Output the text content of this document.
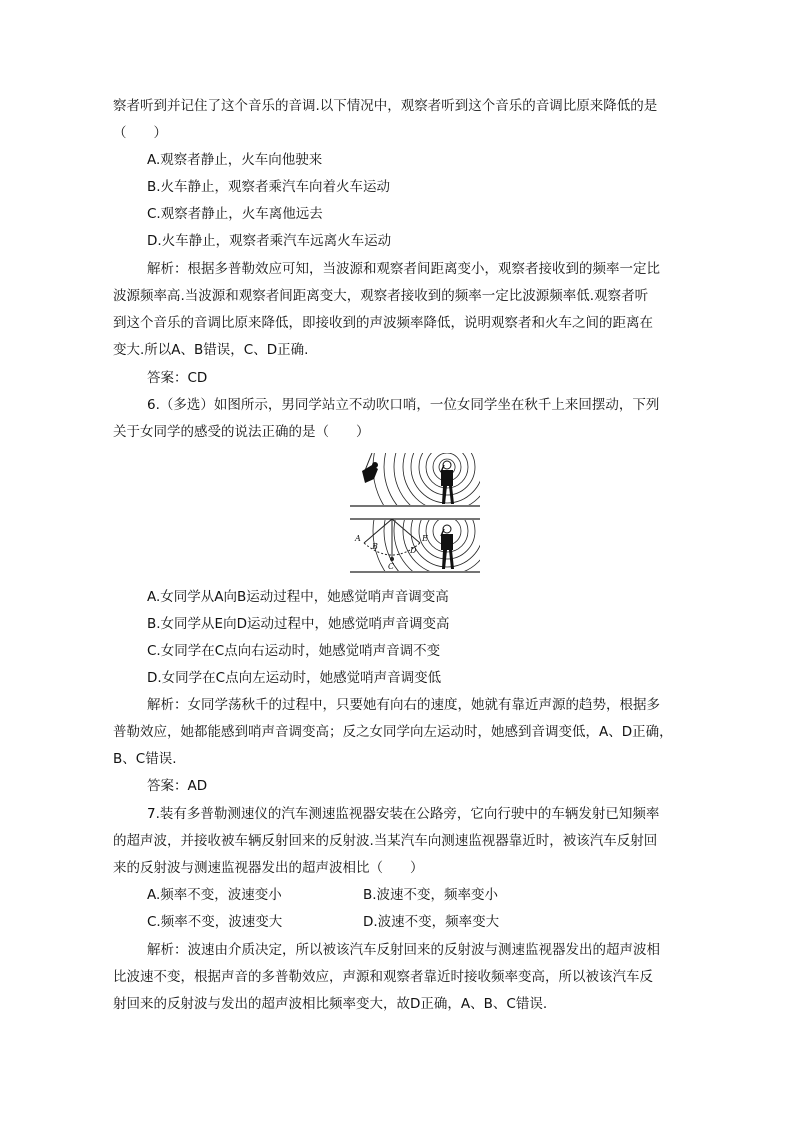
察者听到并记住了这个音乐的音调.以下情况中，观察者听到这个音乐的音调比原来降低的是
（　　）
A.观察者静止，火车向他驶来
B.火车静止，观察者乘汽车向着火车运动
C.观察者静止，火车离他远去
D.火车静止，观察者乘汽车远离火车运动
解析：根据多普勒效应可知，当波源和观察者间距离变小，观察者接收到的频率一定比
波源频率高.当波源和观察者间距离变大，观察者接收到的频率一定比波源频率低.观察者听
到这个音乐的音调比原来降低，即接收到的声波频率降低，说明观察者和火车之间的距离在
变大.所以A、B错误，C、D正确.
答案：CD
6.（多选）如图所示，男同学站立不动吹口哨，一位女同学坐在秋千上来回摆动，下列
关于女同学的感受的说法正确的是（　　）
A
B
C
D
E
A.女同学从A向B运动过程中，她感觉哨声音调变高
B.女同学从E向D运动过程中，她感觉哨声音调变高
C.女同学在C点向右运动时，她感觉哨声音调不变
D.女同学在C点向左运动时，她感觉哨声音调变低
解析：女同学荡秋千的过程中，只要她有向右的速度，她就有靠近声源的趋势，根据多
普勒效应，她都能感到哨声音调变高；反之女同学向左运动时，她感到音调变低，A、D正确，
B、C错误.
答案：AD
7.装有多普勒测速仪的汽车测速监视器安装在公路旁，它向行驶中的车辆发射已知频率
的超声波，并接收被车辆反射回来的反射波.当某汽车向测速监视器靠近时，被该汽车反射回
来的反射波与测速监视器发出的超声波相比（　　）
A.频率不变，波速变小	B.波速不变，频率变小
C.频率不变，波速变大	D.波速不变，频率变大
解析：波速由介质决定，所以被该汽车反射回来的反射波与测速监视器发出的超声波相
比波速不变，根据声音的多普勒效应，声源和观察者靠近时接收频率变高，所以被该汽车反
射回来的反射波与发出的超声波相比频率变大，故D正确，A、B、C错误.
